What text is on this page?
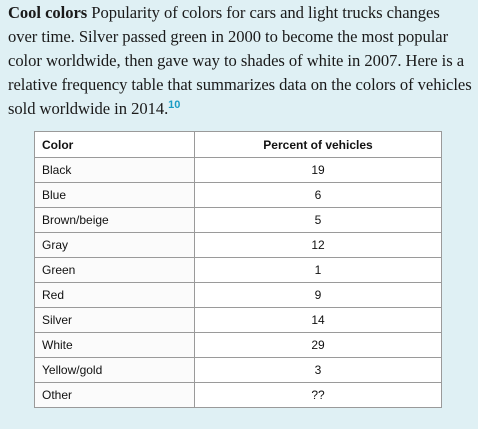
Cool colors Popularity of colors for cars and light trucks changes over time. Silver passed green in 2000 to become the most popular color worldwide, then gave way to shades of white in 2007. Here is a relative frequency table that summarizes data on the colors of vehicles sold worldwide in 2014.10

Color	Percent of vehicles
Black	19
Blue	6
Brown/beige	5
Gray	12
Green	1
Red	9
Silver	14
White	29
Yellow/gold	3
Other	??
